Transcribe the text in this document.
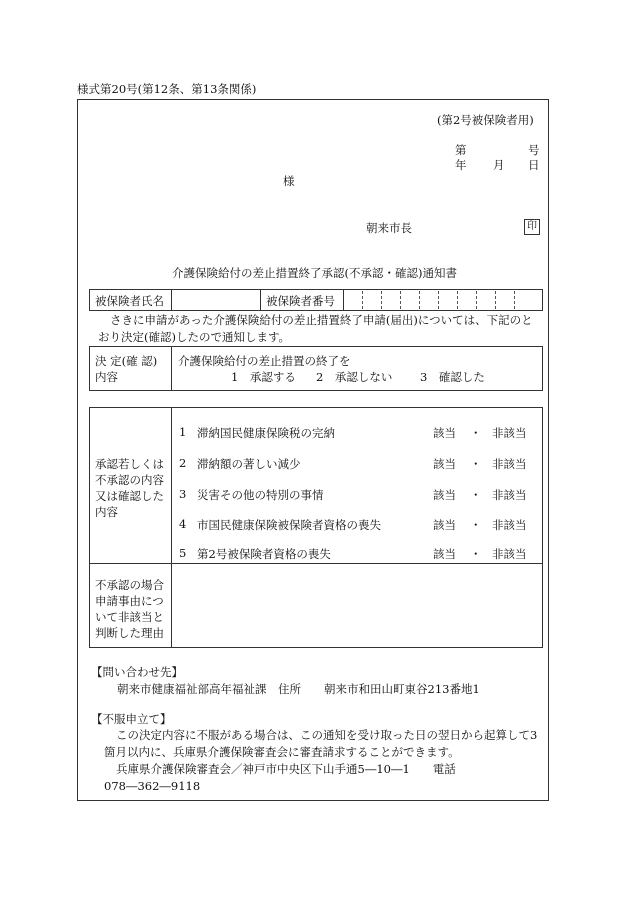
様式第20号(第12条、第13条関係)
(第2号被保険者用)
第	号
年 月 日
様
朝来市長	印
介護保険給付の差止措置終了承認(不承認・確認)通知書
被保険者氏名	被保険者番号
さきに申請があった介護保険給付の差止措置終了申請(届出)については、下記のとおり決定(確認)したので通知します。
決 定(確 認)
内容
介護保険給付の差止措置の終了を
1　承認する 2　承認しない 3　確認した
承認若しくは
不承認の内容
又は確認した
内容
1 滞納国民健康保険税の完納	該当 ・ 非該当
2 滞納額の著しい減少	該当 ・ 非該当
3 災害その他の特別の事情	該当 ・ 非該当
4 市国民健康保険被保険者資格の喪失	該当 ・ 非該当
5 第2号被保険者資格の喪失	該当 ・ 非該当
不承認の場合
申請事由につ
いて非該当と
判断した理由
【問い合わせ先】
朝来市健康福祉部高年福祉課　住所　　朝来市和田山町東谷213番地1
【不服申立て】
この決定内容に不服がある場合は、この通知を受け取った日の翌日から起算して3箇月以内に、兵庫県介護保険審査会に審査請求することができます。
兵庫県介護保険審査会／神戸市中央区下山手通5―10―1　　電話　078―362―9118
